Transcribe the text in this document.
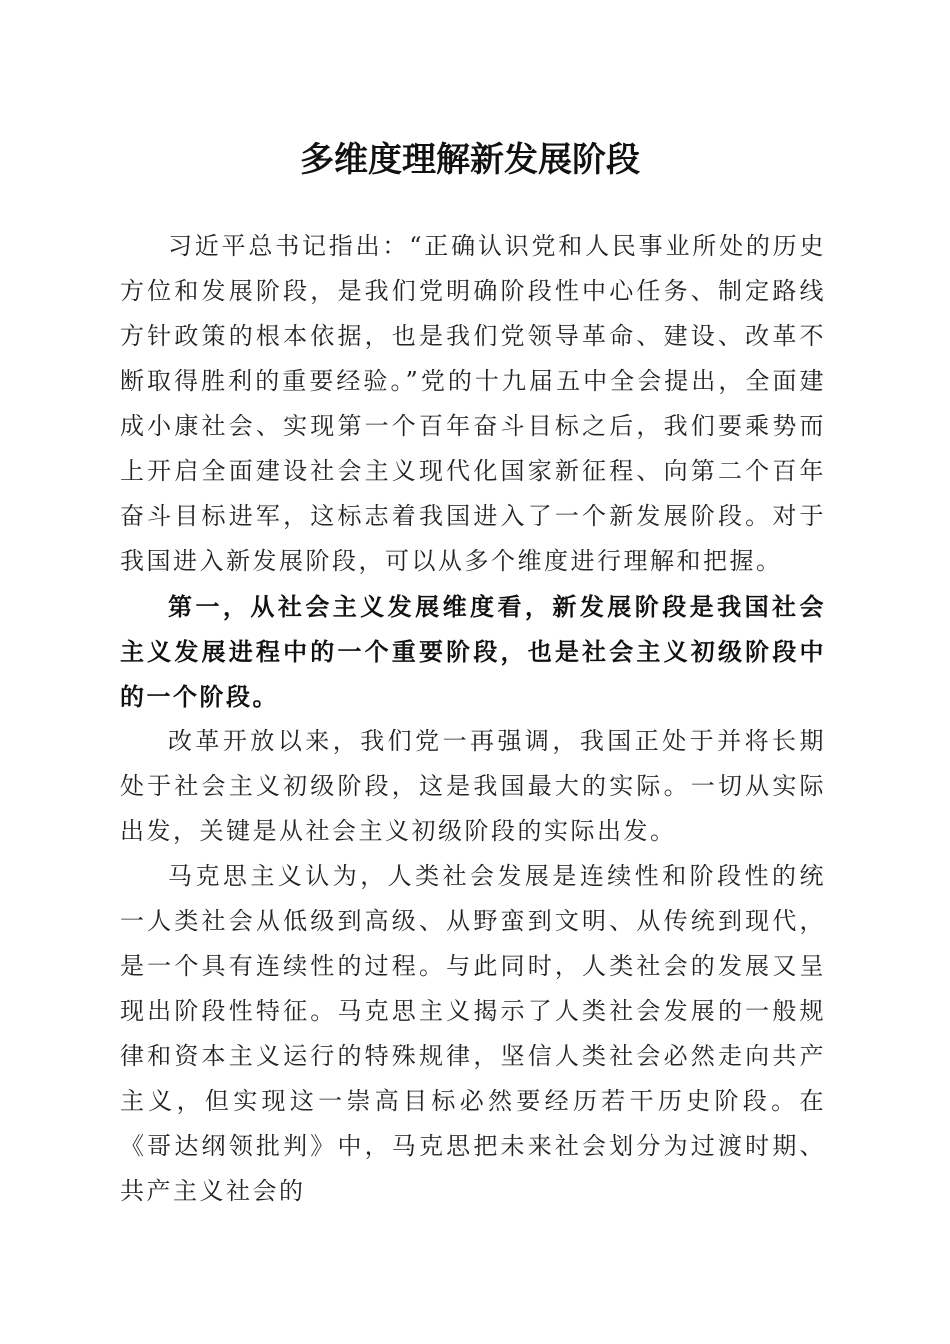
多维度理解新发展阶段

习近平总书记指出：“正确认识党和人民事业所处的历史方位和发展阶段，是我们党明确阶段性中心任务、制定路线方针政策的根本依据，也是我们党领导革命、建设、改革不断取得胜利的重要经验。”党的十九届五中全会提出，全面建成小康社会、实现第一个百年奋斗目标之后，我们要乘势而上开启全面建设社会主义现代化国家新征程、向第二个百年奋斗目标进军，这标志着我国进入了一个新发展阶段。对于我国进入新发展阶段，可以从多个维度进行理解和把握。

第一，从社会主义发展维度看，新发展阶段是我国社会主义发展进程中的一个重要阶段，也是社会主义初级阶段中的一个阶段。

改革开放以来，我们党一再强调，我国正处于并将长期处于社会主义初级阶段，这是我国最大的实际。一切从实际出发，关键是从社会主义初级阶段的实际出发。

马克思主义认为，人类社会发展是连续性和阶段性的统一人类社会从低级到高级、从野蛮到文明、从传统到现代，是一个具有连续性的过程。与此同时，人类社会的发展又呈现出阶段性特征。马克思主义揭示了人类社会发展的一般规律和资本主义运行的特殊规律，坚信人类社会必然走向共产主义，但实现这一崇高目标必然要经历若干历史阶段。在《哥达纲领批判》中，马克思把未来社会划分为过渡时期、共产主义社会的
